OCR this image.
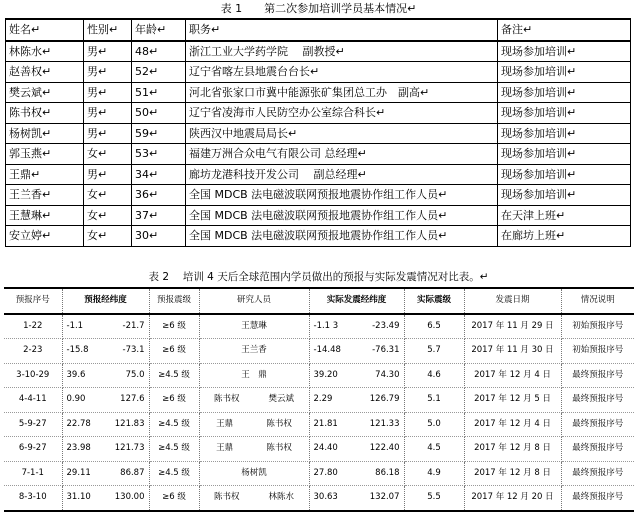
表 1　　第二次参加培训学员基本情况↵
姓名↵	性别↵	年龄↵	职务↵	备注↵
林陈水↵	男↵	48↵	浙江工业大学药学院　 副教授↵	现场参加培训↵
赵善权↵	男↵	52↵	辽宁省喀左县地震台台长↵	现场参加培训↵
樊云斌↵	男↵	51↵	河北省张家口市冀中能源张矿集团总工办　副高↵	现场参加培训↵
陈书权↵	男↵	50↵	辽宁省凌海市人民防空办公室综合科长↵	现场参加培训↵
杨树凯↵	男↵	59↵	陕西汉中地震局局长↵	现场参加培训↵
郭玉燕↵	女↵	53↵	福建万洲合众电气有限公司 总经理↵	现场参加培训↵
王鼎↵	男↵	34↵	廊坊龙港科技开发公司　 副总经理↵	现场参加培训↵
王兰香↵	女↵	36↵	全国 MDCB 法电磁波联网预报地震协作组工作人员↵	现场参加培训↵
王慧琳↵	女↵	37↵	全国 MDCB 法电磁波联网预报地震协作组工作人员↵	在天津上班↵
安立婷↵	女↵	30↵	全国 MDCB 法电磁波联网预报地震协作组工作人员↵	在廊坊上班↵
表 2　 培训 4 天后全球范围内学员做出的预报与实际发震情况对比表。↵
预报序号	预报经纬度	预报震级	研究人员	实际发震经纬度	实际震级	发震日期	情况说明
1-22	-1.1 -21.7	≥6 级	王慧琳	-1.1 3 -23.49	6.5	2017 年 11 月 29 日	初始预报序号
2-23	-15.8 -73.1	≥6 级	王兰香	-14.48 -76.31	5.7	2017 年 11 月 30 日	初始预报序号
3-10-29	39.6 75.0	≥4.5 级	王　鼎	39.20 74.30	4.6	2017 年 12 月 4 日	最终预报序号
4-4-11	0.90 127.6	≥6 级	陈书权 樊云斌	2.29 126.79	5.1	2017 年 12 月 5 日	最终预报序号
5-9-27	22.78 121.83	≥4.5 级	王鼎 陈书权	21.81 121.33	5.0	2017 年 12 月 4 日	最终预报序号
6-9-27	23.98 121.73	≥4.5 级	王鼎 陈书权	24.40 122.40	4.5	2017 年 12 月 8 日	最终预报序号
7-1-1	29.11 86.87	≥4.5 级	杨树凯	27.80 86.18	4.9	2017 年 12 月 8 日	最终预报序号
8-3-10	31.10 130.00	≥6 级	陈书权 林陈水	30.63 132.07	5.5	2017 年 12 月 20 日	最终预报序号
